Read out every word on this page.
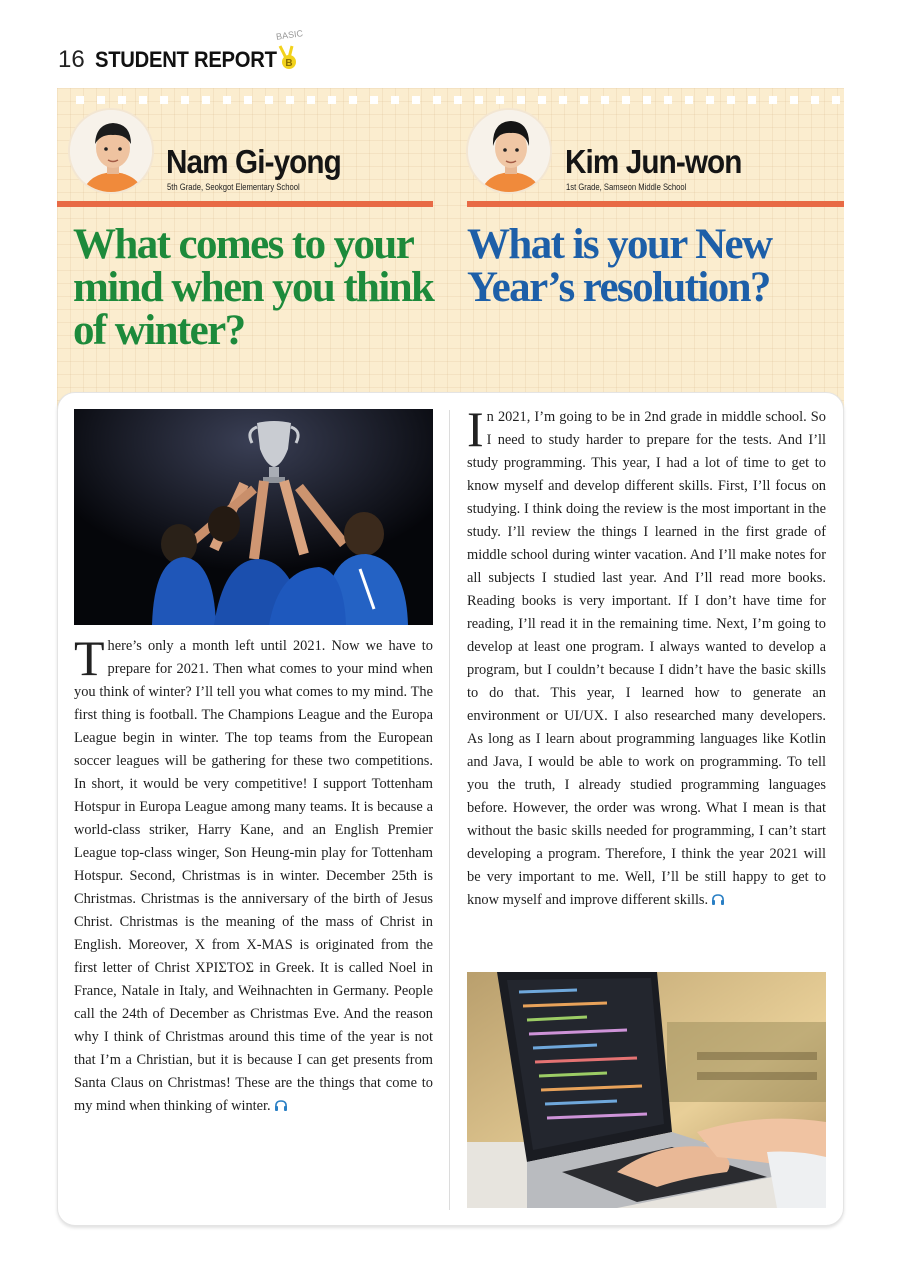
16 STUDENT REPORT
BASIC
B
Nam Gi-yong
5th Grade, Seokgot Elementary School
What comes to your mind when you think of winter?
Kim Jun-won
1st Grade, Samseon Middle School
What is your New Year’s resolution?
There’s only a month left until 2021. Now we have to prepare for 2021. Then what comes to your mind when you think of winter? I’ll tell you what comes to my mind. The first thing is football. The Champions League and the Europa League begin in winter. The top teams from the European soccer leagues will be gathering for these two competitions. In short, it would be very competitive! I support Tottenham Hotspur in Europa League among many teams. It is because a world-class striker, Harry Kane, and an English Premier League top-class winger, Son Heung-min play for Tottenham Hotspur. Second, Christmas is in winter. December 25th is Christmas. Christmas is the anniversary of the birth of Jesus Christ. Christmas is the meaning of the mass of Christ in English. Moreover, X from X-MAS is originated from the first letter of Christ ΧΡΙΣΤΟΣ in Greek. It is called Noel in France, Natale in Italy, and Weihnachten in Germany. People call the 24th of December as Christmas Eve. And the reason why I think of Christmas around this time of the year is not that I’m a Christian, but it is because I can get presents from Santa Claus on Christmas! These are the things that come to my mind when thinking of winter.
In 2021, I’m going to be in 2nd grade in middle school. So I need to study harder to prepare for the tests. And I’ll study programming. This year, I had a lot of time to get to know myself and develop different skills. First, I’ll focus on studying. I think doing the review is the most important in the study. I’ll review the things I learned in the first grade of middle school during winter vacation. And I’ll make notes for all subjects I studied last year. And I’ll read more books. Reading books is very important. If I don’t have time for reading, I’ll read it in the remaining time. Next, I’m going to develop at least one program. I always wanted to develop a program, but I couldn’t because I didn’t have the basic skills to do that. This year, I learned how to generate an environment or UI/UX. I also researched many developers. As long as I learn about programming languages like Kotlin and Java, I would be able to work on programming. To tell you the truth, I already studied programming languages before. However, the order was wrong. What I mean is that without the basic skills needed for programming, I can’t start developing a program. Therefore, I think the year 2021 will be very important to me. Well, I’ll be still happy to get to know myself and improve different skills.
